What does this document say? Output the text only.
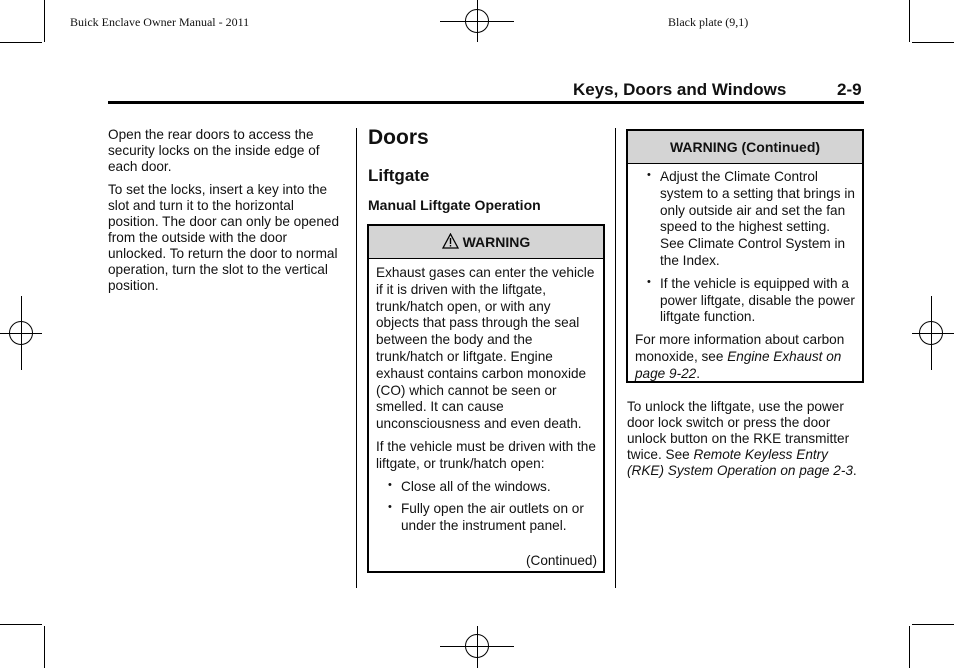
Buick Enclave Owner Manual - 2011	Black plate (9,1)
Keys, Doors and Windows	2-9

Open the rear doors to access the security locks on the inside edge of each door.

To set the locks, insert a key into the slot and turn it to the horizontal position. The door can only be opened from the outside with the door unlocked. To return the door to normal operation, turn the slot to the vertical position.

Doors
Liftgate
Manual Liftgate Operation
WARNING

Exhaust gases can enter the vehicle if it is driven with the liftgate, trunk/hatch open, or with any objects that pass through the seal between the body and the trunk/hatch or liftgate. Engine exhaust contains carbon monoxide (CO) which cannot be seen or smelled. It can cause unconsciousness and even death.

If the vehicle must be driven with the liftgate, or trunk/hatch open:

• Close all of the windows.
• Fully open the air outlets on or under the instrument panel.
(Continued)
WARNING (Continued)
• Adjust the Climate Control system to a setting that brings in only outside air and set the fan speed to the highest setting. See Climate Control System in the Index.
• If the vehicle is equipped with a power liftgate, disable the power liftgate function.

For more information about carbon monoxide, see Engine Exhaust on page 9-22.

To unlock the liftgate, use the power door lock switch or press the door unlock button on the RKE transmitter twice. See Remote Keyless Entry (RKE) System Operation on page 2-3.
